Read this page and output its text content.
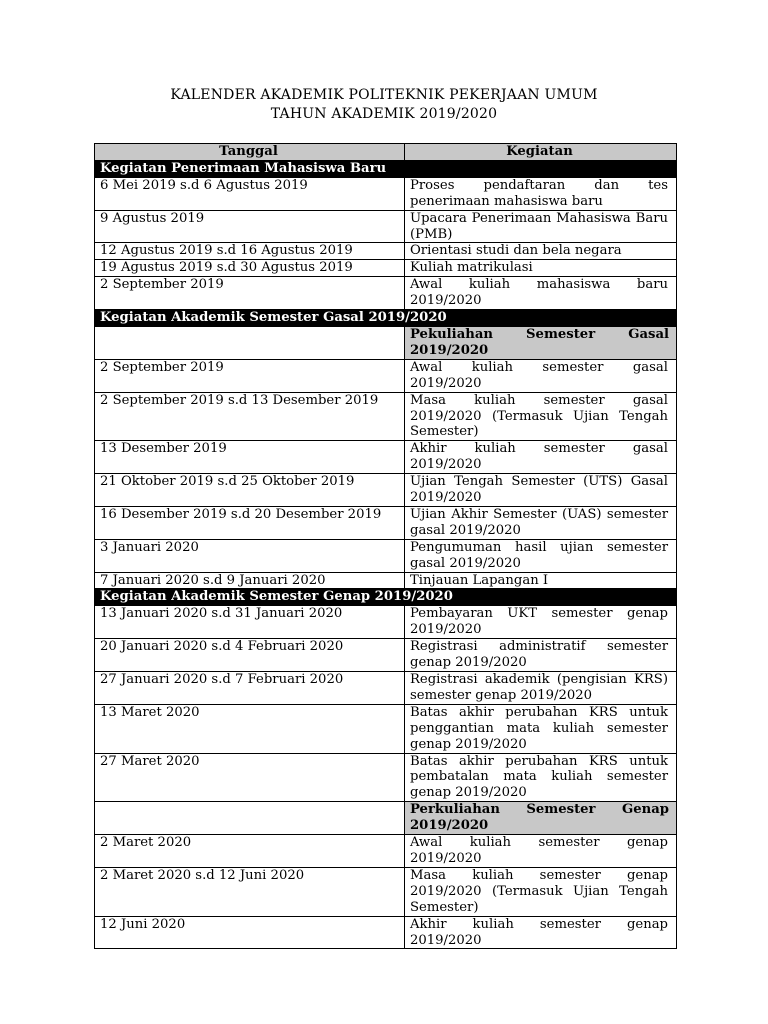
KALENDER AKADEMIK POLITEKNIK PEKERJAAN UMUM
TAHUN AKADEMIK 2019/2020
Tanggal	Kegiatan
Kegiatan Penerimaan Mahasiswa Baru	
6 Mei 2019 s.d 6 Agustus 2019	Proses pendaftaran dan tes penerimaan mahasiswa baru
9 Agustus 2019	Upacara Penerimaan Mahasiswa Baru (PMB)
12 Agustus 2019 s.d 16 Agustus 2019	Orientasi studi dan bela negara
19 Agustus 2019 s.d 30 Agustus 2019	Kuliah matrikulasi
2 September 2019	Awal kuliah mahasiswa baru 2019/2020
Kegiatan Akademik Semester Gasal 2019/2020	

	Pekuliahan Semester Gasal
2019/2020

2 September 2019	Awal kuliah semester gasal 2019/2020
2 September 2019 s.d 13 Desember 2019	Masa kuliah semester gasal 2019/2020 (Termasuk Ujian Tengah Semester)
13 Desember 2019	Akhir kuliah semester gasal 2019/2020
21 Oktober 2019 s.d 25 Oktober 2019	Ujian Tengah Semester (UTS) Gasal 2019/2020
16 Desember 2019 s.d 20 Desember 2019	Ujian Akhir Semester (UAS) semester gasal 2019/2020
3 Januari 2020	Pengumuman hasil ujian semester gasal 2019/2020
7 Januari 2020 s.d 9 Januari 2020	Tinjauan Lapangan I
Kegiatan Akademik Semester Genap 2019/2020	
13 Januari 2020 s.d 31 Januari 2020	Pembayaran UKT semester genap 2019/2020
20 Januari 2020 s.d 4 Februari 2020	Registrasi administratif semester genap 2019/2020
27 Januari 2020 s.d 7 Februari 2020	Registrasi akademik (pengisian KRS) semester genap 2019/2020
13 Maret 2020	Batas akhir perubahan KRS untuk penggantian mata kuliah semester genap 2019/2020
27 Maret 2020	Batas akhir perubahan KRS untuk pembatalan mata kuliah semester genap 2019/2020

	Perkuliahan Semester Genap
2019/2020

2 Maret 2020	Awal kuliah semester genap 2019/2020
2 Maret 2020 s.d 12 Juni 2020	Masa kuliah semester genap 2019/2020 (Termasuk Ujian Tengah Semester)
12 Juni 2020	Akhir kuliah semester genap 2019/2020
